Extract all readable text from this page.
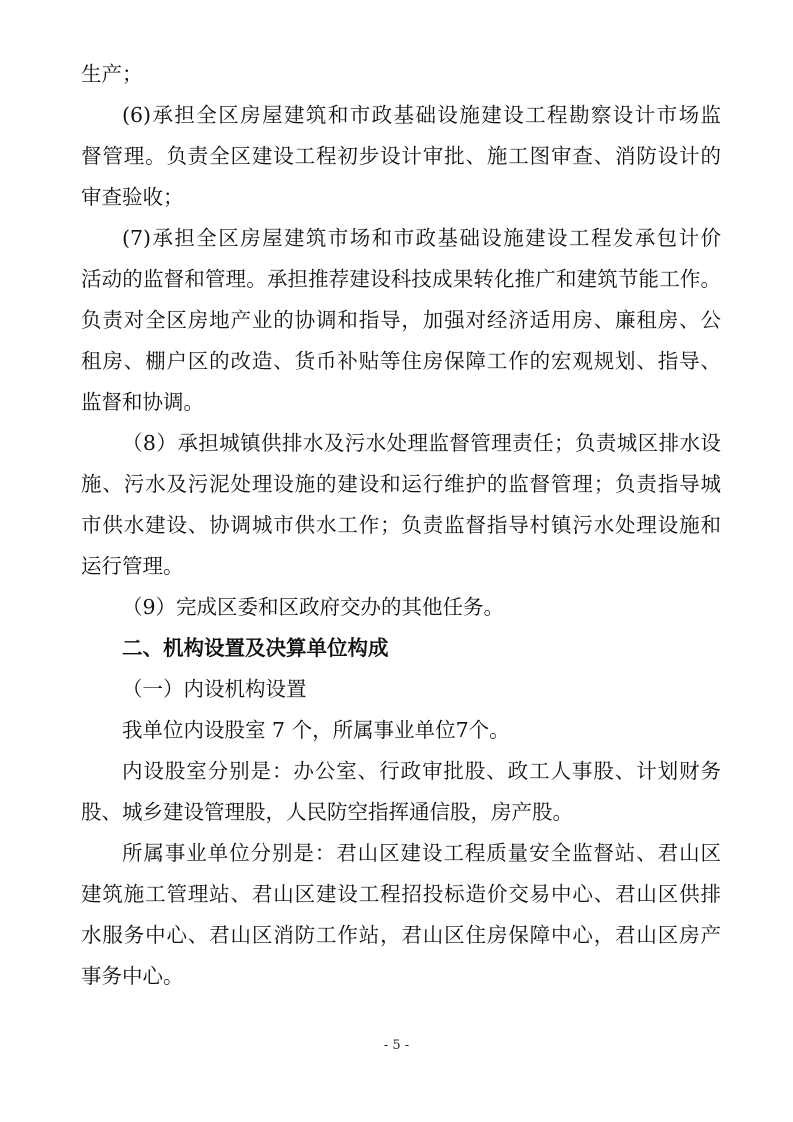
生产；
(6)承担全区房屋建筑和市政基础设施建设工程勘察设计市场监
督管理。负责全区建设工程初步设计审批、施工图审查、消防设计的
审查验收；
(7)承担全区房屋建筑市场和市政基础设施建设工程发承包计价
活动的监督和管理。承担推荐建设科技成果转化推广和建筑节能工作。
负责对全区房地产业的协调和指导，加强对经济适用房、廉租房、公
租房、棚户区的改造、货币补贴等住房保障工作的宏观规划、指导、
监督和协调。
（8）承担城镇供排水及污水处理监督管理责任；负责城区排水设
施、污水及污泥处理设施的建设和运行维护的监督管理；负责指导城
市供水建设、协调城市供水工作；负责监督指导村镇污水处理设施和
运行管理。
（9）完成区委和区政府交办的其他任务。
二、机构设置及决算单位构成
（一）内设机构设置
我单位内设股室 7 个，所属事业单位7个。
内设股室分别是：办公室、行政审批股、政工人事股、计划财务
股、城乡建设管理股，人民防空指挥通信股，房产股。
所属事业单位分别是：君山区建设工程质量安全监督站、君山区
建筑施工管理站、君山区建设工程招投标造价交易中心、君山区供排
水服务中心、君山区消防工作站，君山区住房保障中心，君山区房产
事务中心。
- 5 -
